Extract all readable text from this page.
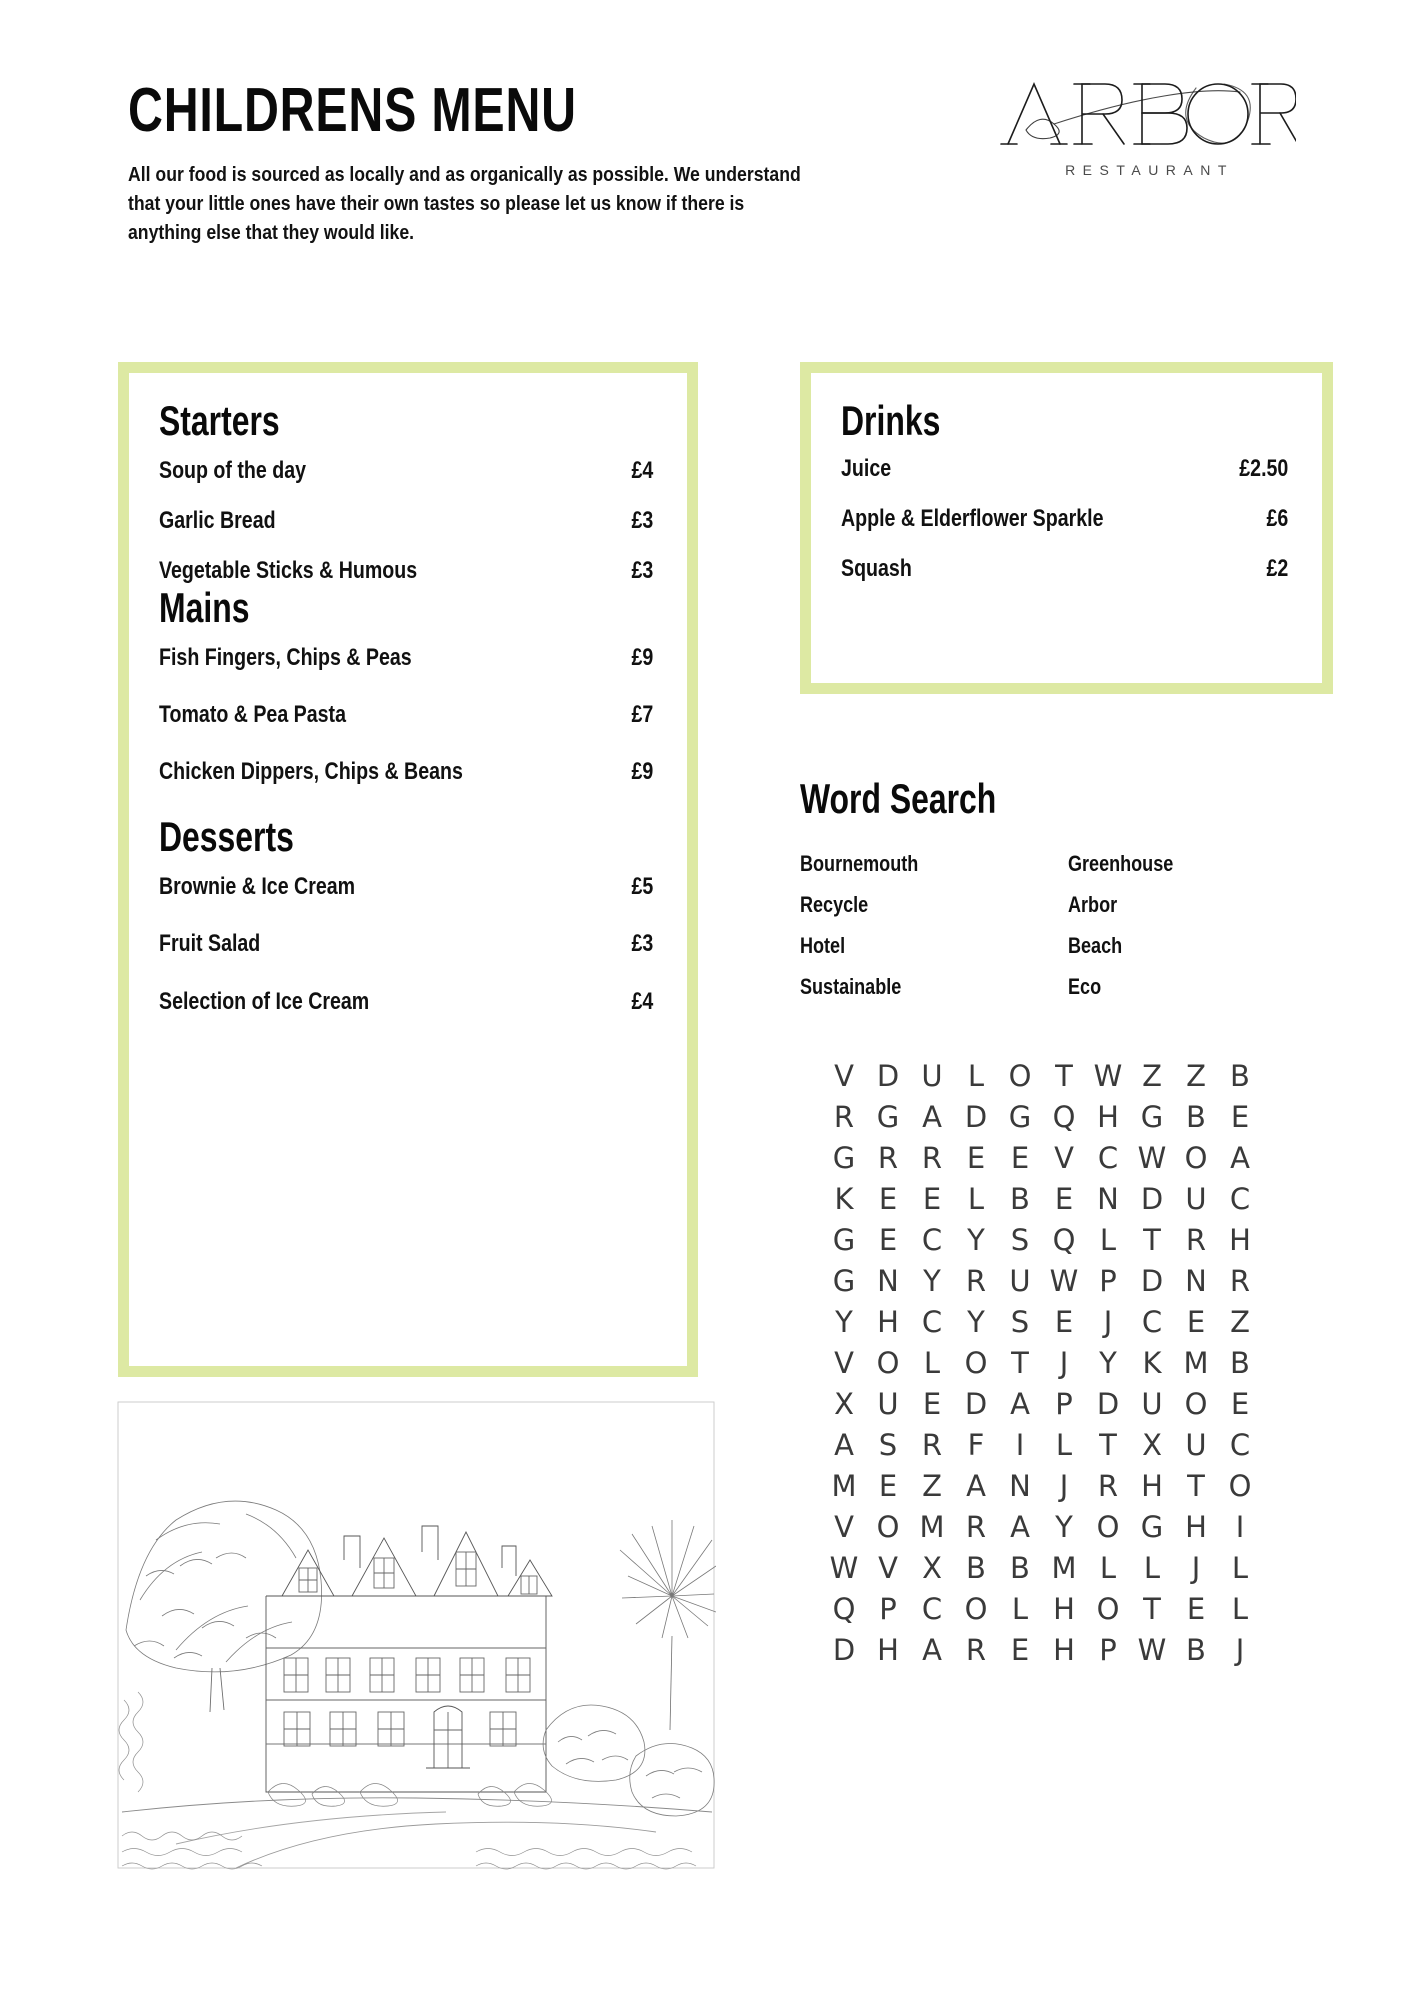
CHILDRENS MENU
All our food is sourced as locally and as organically as possible. We understand that your little ones have their own tastes so please let us know if there is anything else that they would like.
RESTAURANT
Starters
Soup of the day	£4
Garlic Bread	£3
Vegetable Sticks & Humous	£3
Mains
Fish Fingers, Chips & Peas	£9
Tomato & Pea Pasta	£7
Chicken Dippers, Chips & Beans	£9
Desserts
Brownie & Ice Cream	£5
Fruit Salad	£3
Selection of Ice Cream	£4
Drinks
Juice	£2.50
Apple & Elderflower Sparkle	£6
Squash	£2
Word Search
Bournemouth	Greenhouse
Recycle	Arbor
Hotel	Beach
Sustainable	Eco
V D U L O T W Z Z B
R G A D G Q H G B E
G R R E E V C W O A
K E E L B E N D U C
G E C Y S Q L T R H
G N Y R U W P D N R
Y H C Y S E	J	C E Z
V O L O T	J	Y K M B
X U E D A P D U O E
A S R F	I	L T X U C
M E Z A N J	R H T O
V O M R A Y O G H I
W V X B B M L L	J	L
Q P C O L H O T E L
D H A R E H P W B	J
